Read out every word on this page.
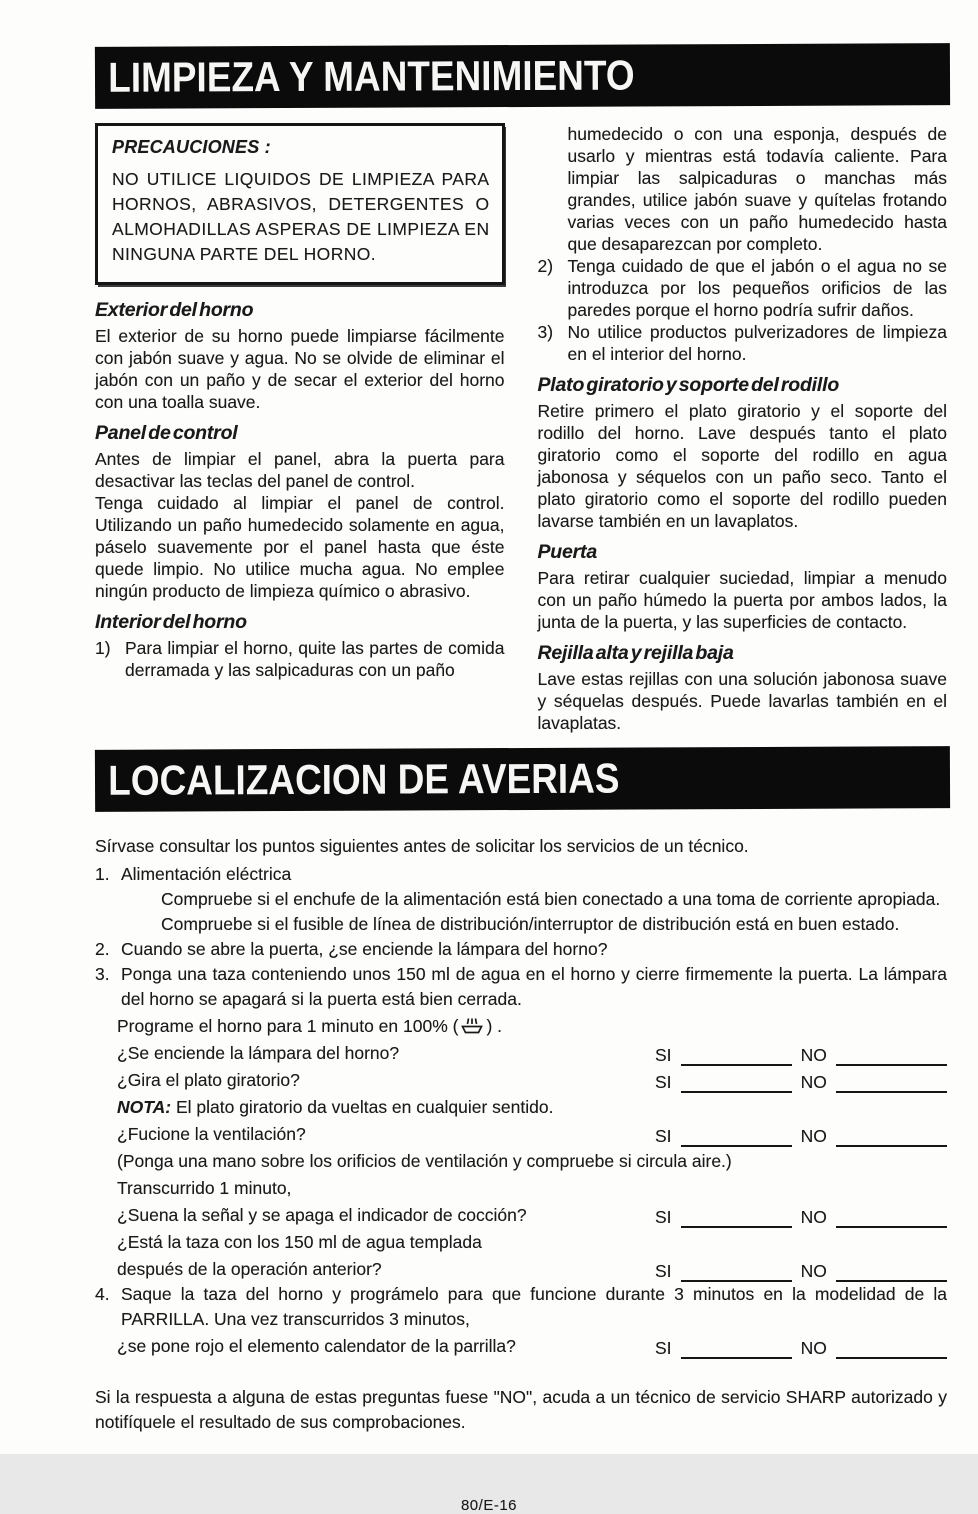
LIMPIEZA Y MANTENIMIENTO
PRECAUCIONES :
NO UTILICE LIQUIDOS DE LIMPIEZA PARA HORNOS, ABRASIVOS, DETERGENTES O ALMOHADILLAS ASPERAS DE LIMPIEZA EN NINGUNA PARTE DEL HORNO.
Exterior del horno

El exterior de su horno puede limpiarse fácilmente con jabón suave y agua. No se olvide de eliminar el jabón con un paño y de secar el exterior del horno con una toalla suave.

Panel de control

Antes de limpiar el panel, abra la puerta para desactivar las teclas del panel de control.

Tenga cuidado al limpiar el panel de control. Utilizando un paño humedecido solamente en agua, páselo suavemente por el panel hasta que éste quede limpio. No utilice mucha agua. No emplee ningún producto de limpieza químico o abrasivo.

Interior del horno
1) Para limpiar el horno, quite las partes de comida derramada y las salpicaduras con un paño

humedecido o con una esponja, después de usarlo y mientras está todavía caliente. Para limpiar las salpicaduras o manchas más grandes, utilice jabón suave y quítelas frotando varias veces con un paño humedecido hasta que desaparezcan por completo.

2) Tenga cuidado de que el jabón o el agua no se introduzca por los pequeños orificios de las paredes porque el horno podría sufrir daños.
3) No utilice productos pulverizadores de limpieza en el interior del horno.
Plato giratorio y soporte del rodillo

Retire primero el plato giratorio y el soporte del rodillo del horno. Lave después tanto el plato giratorio como el soporte del rodillo en agua jabonosa y séquelos con un paño seco. Tanto el plato giratorio como el soporte del rodillo pueden lavarse también en un lavaplatos.

Puerta

Para retirar cualquier suciedad, limpiar a menudo con un paño húmedo la puerta por ambos lados, la junta de la puerta, y las superficies de contacto.

Rejilla alta y rejilla baja

Lave estas rejillas con una solución jabonosa suave y séquelas después. Puede lavarlas también en el lavaplatas.

LOCALIZACION DE AVERIAS

Sírvase consultar los puntos siguientes antes de solicitar los servicios de un técnico.

1. Alimentación eléctrica
Compruebe si el enchufe de la alimentación está bien conectado a una toma de corriente apropiada.
Compruebe si el fusible de línea de distribución/interruptor de distribución está en buen estado.
2. Cuando se abre la puerta, ¿se enciende la lámpara del horno?
3. Ponga una taza conteniendo unos 150 ml de agua en el horno y cierre firmemente la puerta. La lámpara del horno se apagará si la puerta está bien cerrada.
Programe el horno para 1 minuto en 100% ( ) .
¿Se enciende la lámpara del horno?	SI	NO
¿Gira el plato giratorio?	SI	NO
NOTA: El plato giratorio da vueltas en cualquier sentido.
¿Fucione la ventilación?	SI	NO
(Ponga una mano sobre los orificios de ventilación y compruebe si circula aire.)
Transcurrido 1 minuto,
¿Suena la señal y se apaga el indicador de cocción?	SI	NO
¿Está la taza con los 150 ml de agua templada
después de la operación anterior?	SI	NO
4. Saque la taza del horno y prográmelo para que funcione durante 3 minutos en la modelidad de la PARRILLA. Una vez transcurridos 3 minutos,
¿se pone rojo el elemento calendator de la parrilla?	SI	NO

Si la respuesta a alguna de estas preguntas fuese "NO", acuda a un técnico de servicio SHARP autorizado y notifíquele el resultado de sus comprobaciones.

80/E-16
